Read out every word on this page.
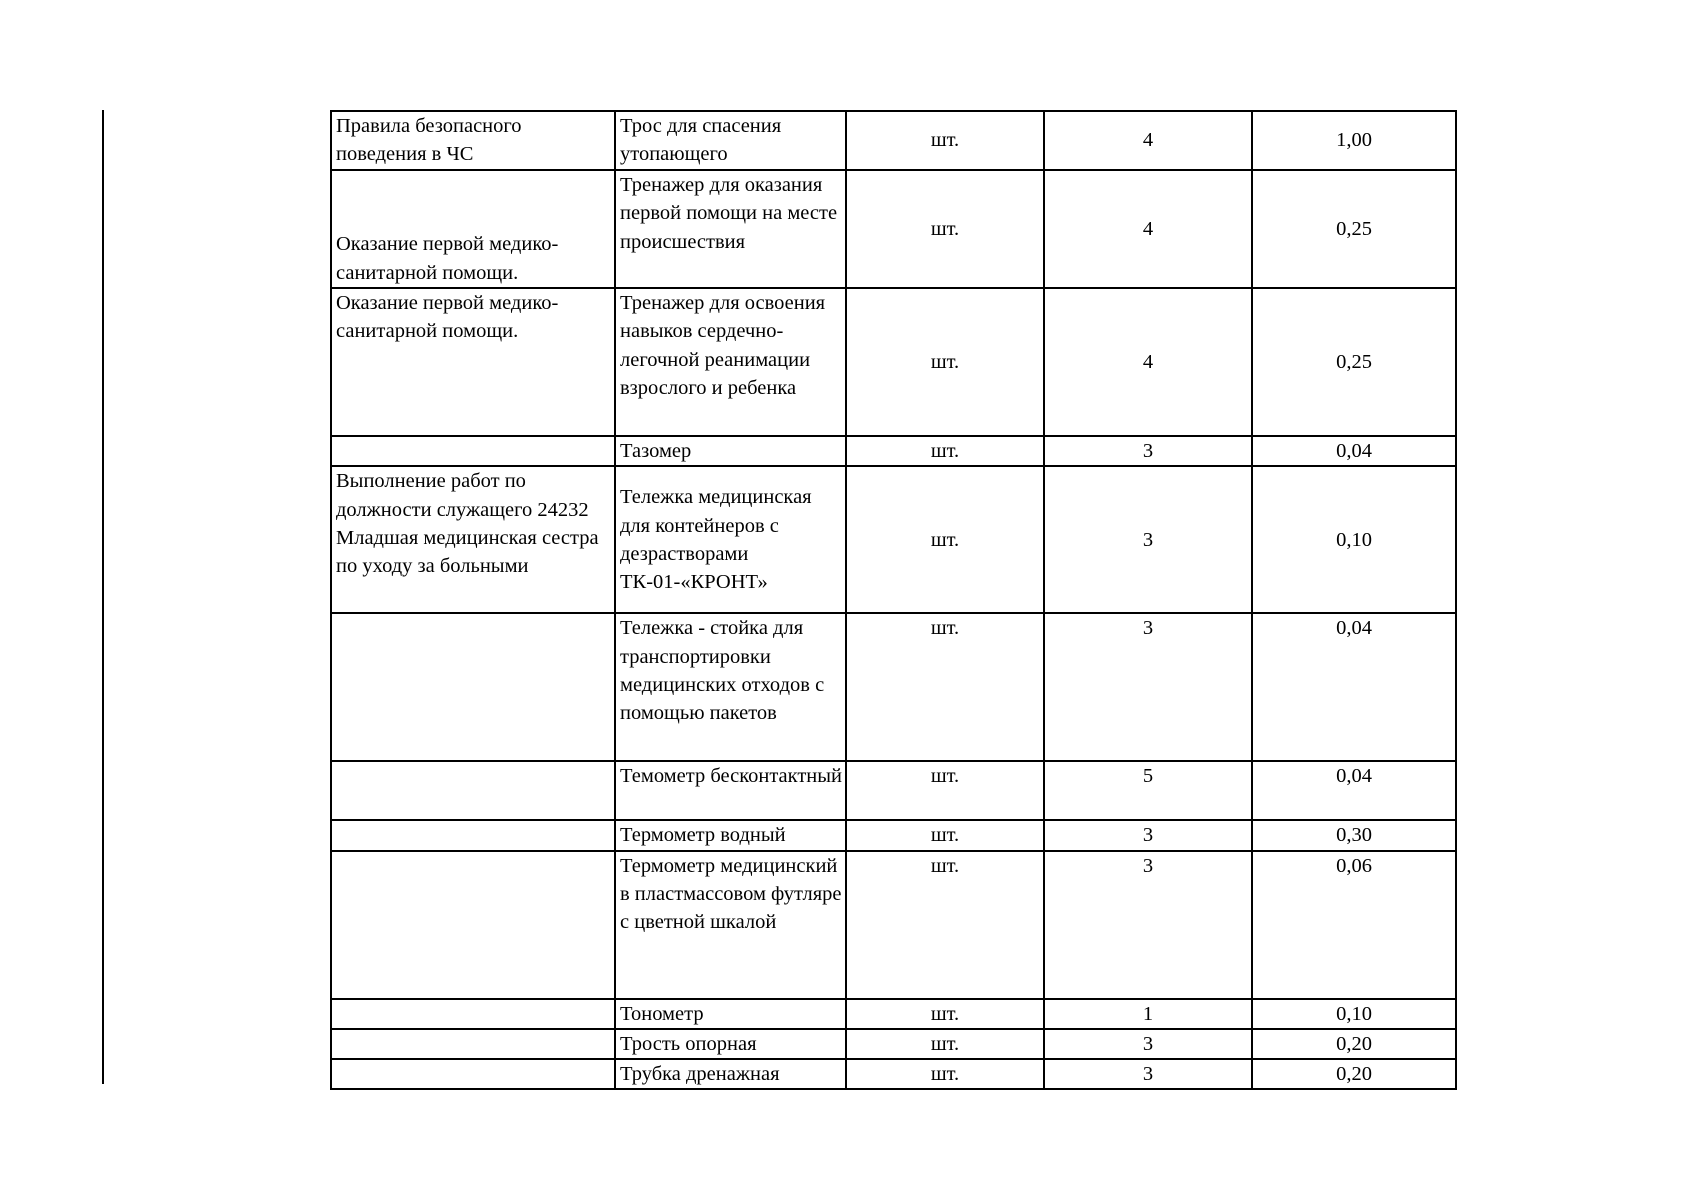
Правила безопасного поведения в ЧС	Трос для спасения утопающего	шт.	4	1,00
Оказание первой медико-санитарной помощи.	Тренажер для оказания первой помощи на месте происшествия	шт.	4	0,25
Оказание первой медико-санитарной помощи.	Тренажер для освоения навыков сердечно-легочной реанимации взрослого и ребенка	шт.	4	0,25
	Тазомер	шт.	3	0,04
Выполнение работ по должности служащего 24232 Младшая медицинская сестра по уходу за больными	Тележка медицинская для контейнеров с дезрастворами ТК-01-«КРОНТ»	шт.	3	0,10
	Тележка - стойка для транспортировки медицинских отходов с помощью пакетов	шт.	3	0,04
	Темометр бесконтактный	шт.	5	0,04
	Термометр водный	шт.	3	0,30
	Термометр медицинский в пластмассовом футляре с цветной шкалой	шт.	3	0,06
	Тонометр	шт.	1	0,10
	Трость опорная	шт.	3	0,20
	Трубка дренажная	шт.	3	0,20
